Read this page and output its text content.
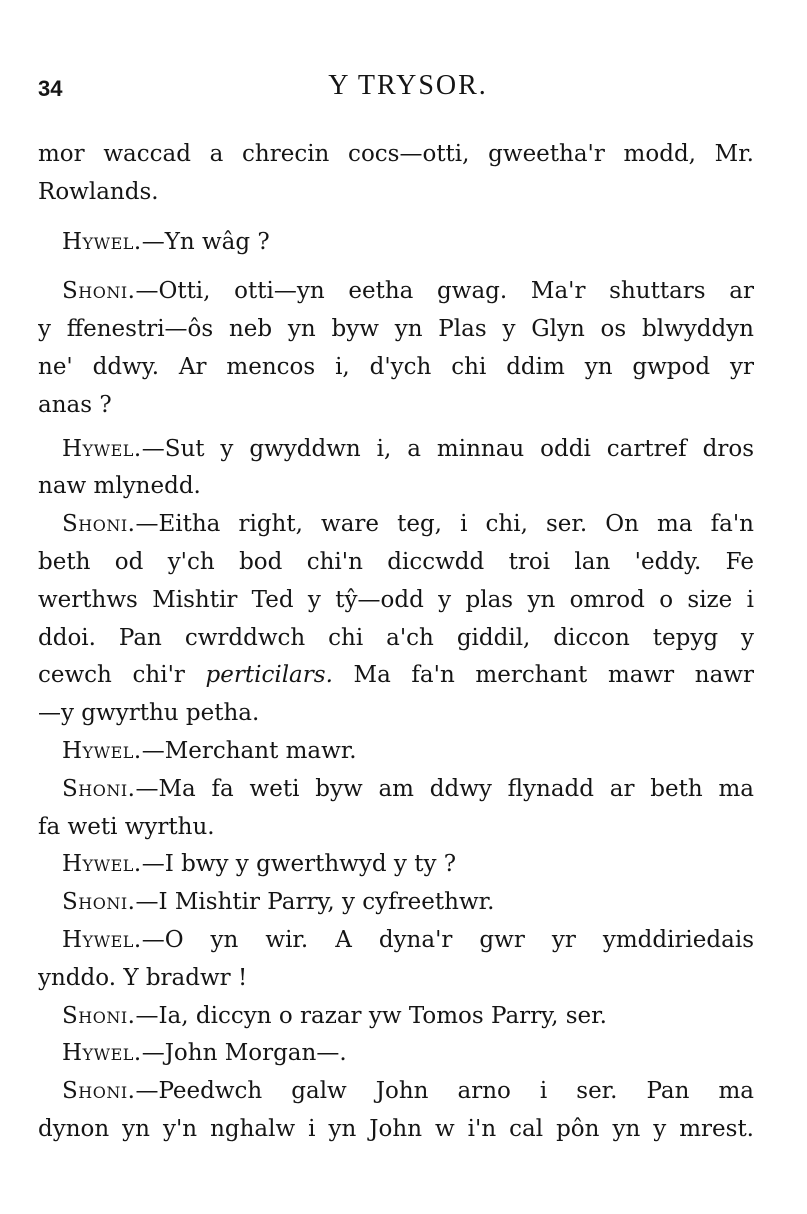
34	Y TRYSOR.
mor waccad a chrecin cocs—otti, gweetha'r modd, Mr.
Rowlands.
Hywel.—Yn wâg ?
Shoni.—Otti, otti—yn eetha gwag. Ma'r shuttars ar
y ffenestri—ôs neb yn byw yn Plas y Glyn os blwyddyn
ne' ddwy. Ar mencos i, d'ych chi ddim yn gwpod yr
anas ?
Hywel.—Sut y gwyddwn i, a minnau oddi cartref dros
naw mlynedd.
Shoni.—Eitha right, ware teg, i chi, ser. On ma fa'n
beth od y'ch bod chi'n diccwdd troi lan 'eddy. Fe
werthws Mishtir Ted y tŷ—odd y plas yn omrod o size i
ddoi. Pan cwrddwch chi a'ch giddil, diccon tepyg y
cewch chi'r perticilars. Ma fa'n merchant mawr nawr
—y gwyrthu petha.
Hywel.—Merchant mawr.
Shoni.—Ma fa weti byw am ddwy flynadd ar beth ma
fa weti wyrthu.
Hywel.—I bwy y gwerthwyd y ty ?
Shoni.—I Mishtir Parry, y cyfreethwr.
Hywel.—O yn wir. A dyna'r gwr yr ymddiriedais
ynddo. Y bradwr !
Shoni.—Ia, diccyn o razar yw Tomos Parry, ser.
Hywel.—John Morgan—.
Shoni.—Peedwch galw John arno i ser. Pan ma
dynon yn y'n nghalw i yn John w i'n cal pôn yn y mrest.
